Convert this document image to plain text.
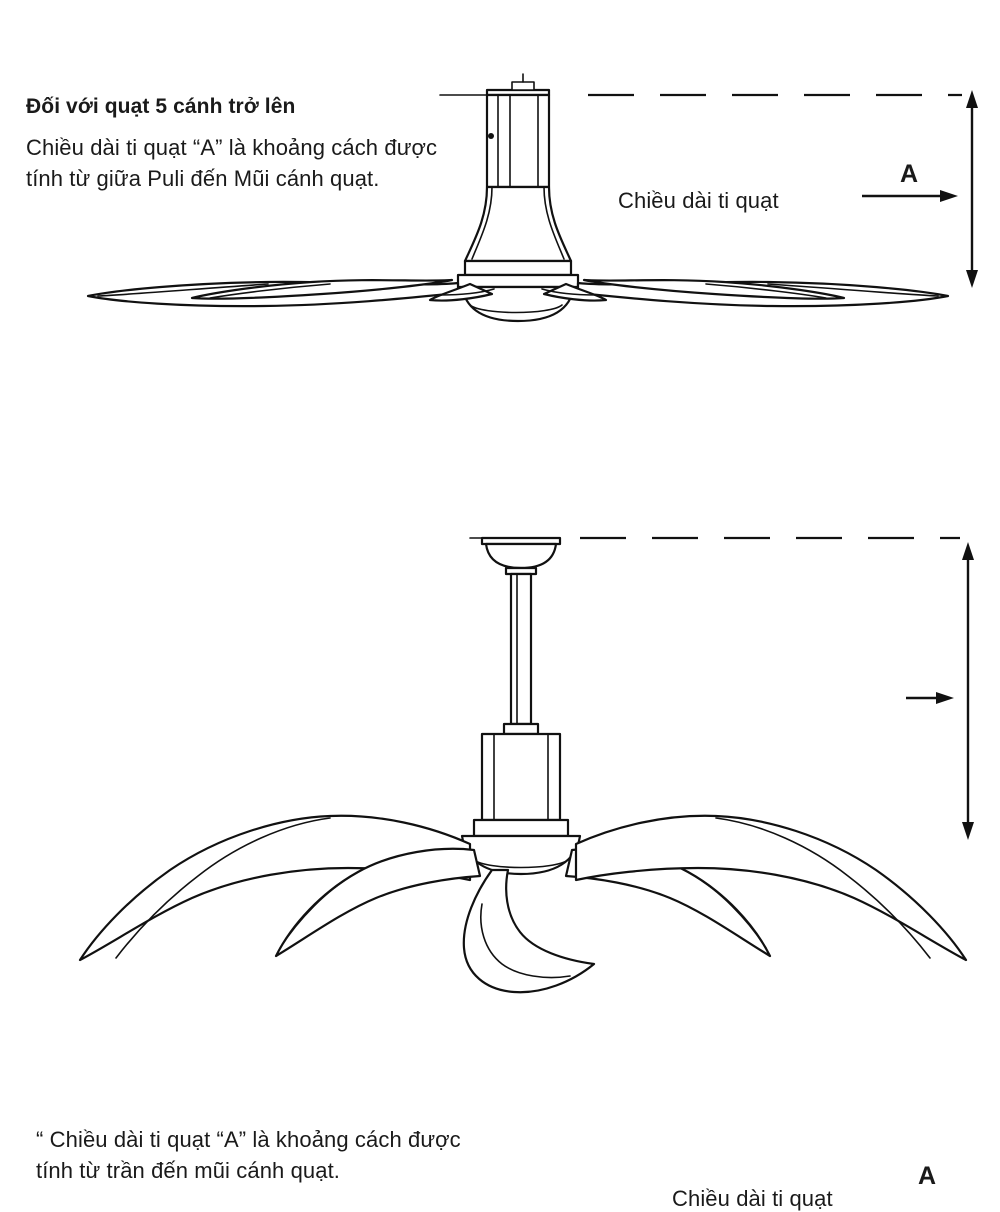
Đối với quạt 5 cánh trở lên

Chiều dài ti quạt “A” là khoảng cách được tính từ giữa Puli đến Mũi cánh quạt.

Chiều dài ti quạt
A

“ Chiều dài ti quạt “A” là khoảng cách được tính từ trần đến mũi cánh quạt.

Chiều dài ti quạt
A
